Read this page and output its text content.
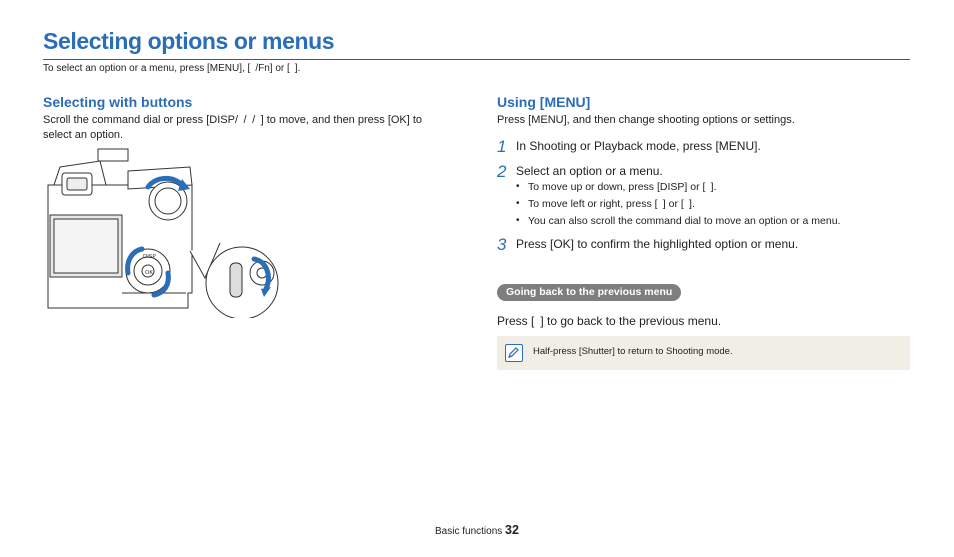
Selecting options or menus
To select an option or a menu, press [MENU], [ /Fn] or [ ].
Selecting with buttons
Scroll the command dial or press [DISP/ / / ] to move, and then press [OK] to
select an option.
DISP
OK
Using [MENU]
Press [MENU], and then change shooting options or settings.
1 In Shooting or Playback mode, press [MENU].
2 Select an option or a menu.
• To move up or down, press [DISP] or [ ].
• To move left or right, press [ ] or [ ].
• You can also scroll the command dial to move an option or a menu.
3 Press [OK] to confirm the highlighted option or menu.
Going back to the previous menu
Press [ ] to go back to the previous menu.
Half-press [Shutter] to return to Shooting mode.
Basic functions 32
